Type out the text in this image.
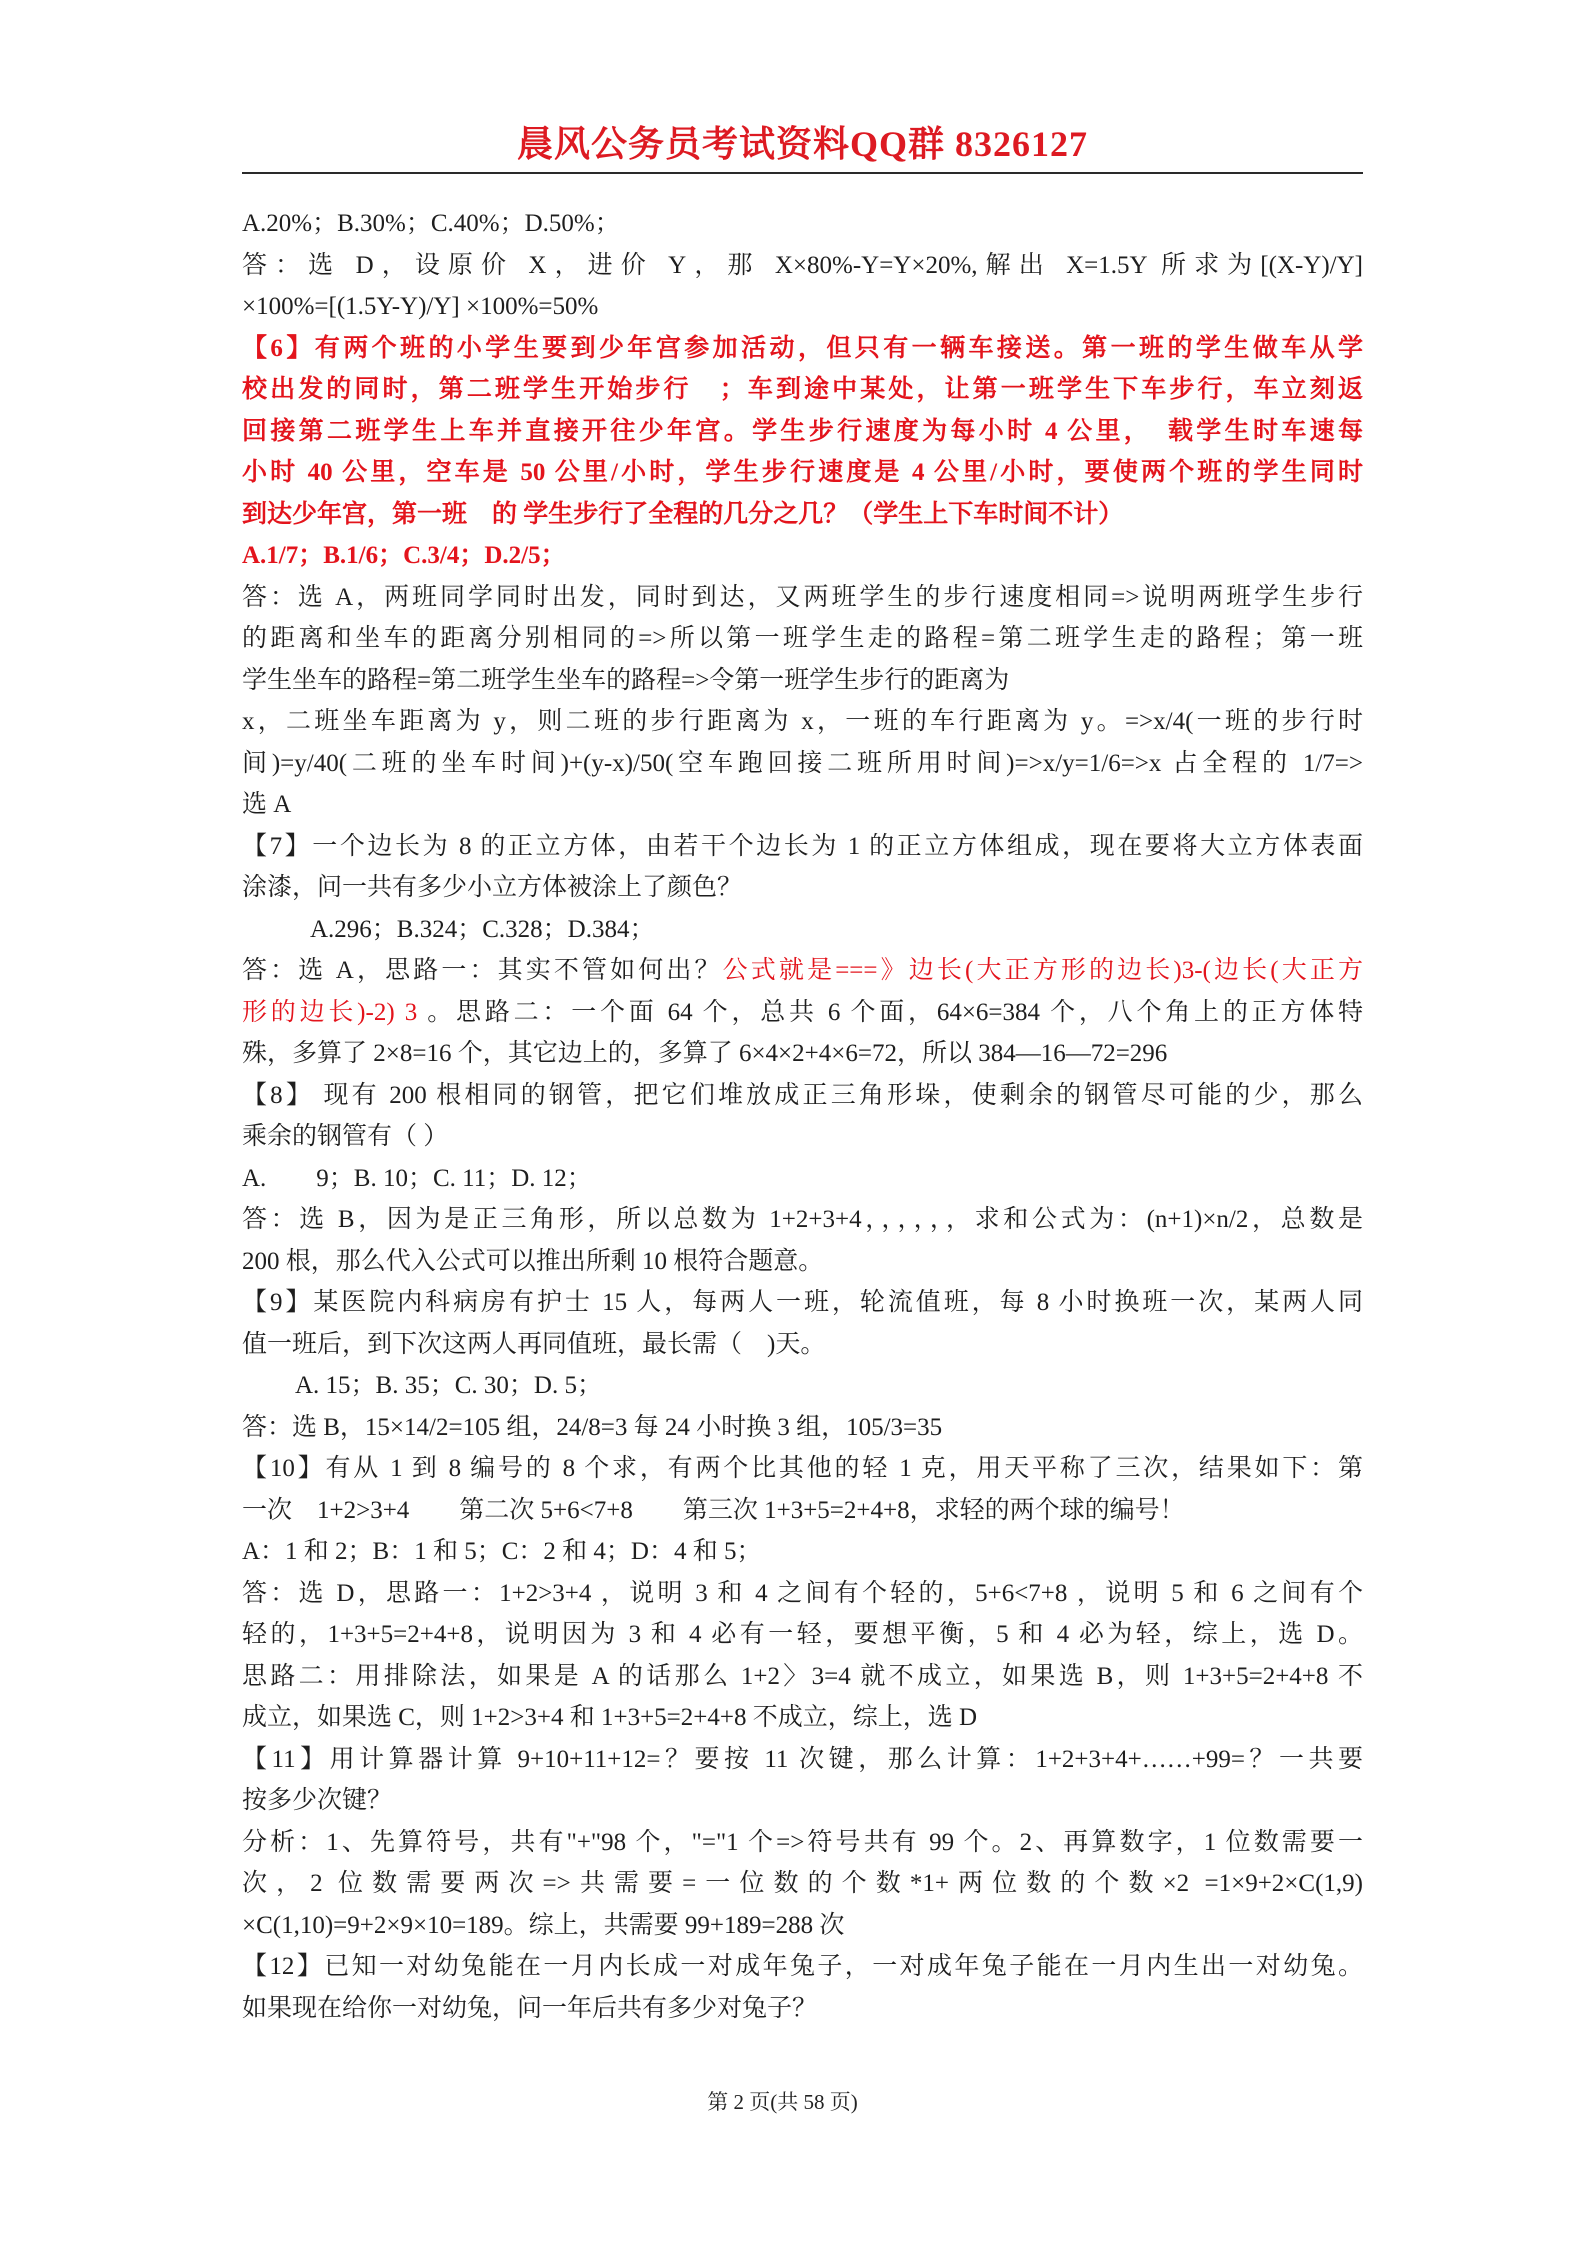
晨风公务员考试资料QQ群 8326127
A.20%；B.30%；C.40%；D.50%；
答：选 D，设原价 X，进价 Y，那 X×80%-Y=Y×20%,解出 X=1.5Y 所求为[(X-Y)/Y]
×100%=[(1.5Y-Y)/Y] ×100%=50%
【6】有两个班的小学生要到少年宫参加活动，但只有一辆车接送。第一班的学生做车从学
校出发的同时，第二班学生开始步行　；车到途中某处，让第一班学生下车步行，车立刻返
回接第二班学生上车并直接开往少年宫。学生步行速度为每小时 4 公里，　载学生时车速每
小时 40 公里，空车是 50 公里/小时，学生步行速度是 4 公里/小时，要使两个班的学生同时
到达少年宫，第一班　的 学生步行了全程的几分之几？（学生上下车时间不计）
A.1/7；B.1/6；C.3/4；D.2/5；
答：选 A，两班同学同时出发，同时到达，又两班学生的步行速度相同=>说明两班学生步行
的距离和坐车的距离分别相同的=>所以第一班学生走的路程=第二班学生走的路程；第一班
学生坐车的路程=第二班学生坐车的路程=>令第一班学生步行的距离为
x，二班坐车距离为 y，则二班的步行距离为 x，一班的车行距离为 y。=>x/4(一班的步行时
间)=y/40(二班的坐车时间)+(y-x)/50(空车跑回接二班所用时间)=>x/y=1/6=>x 占全程的 1/7=>
选 A
【7】一个边长为 8 的正立方体，由若干个边长为 1 的正立方体组成，现在要将大立方体表面
涂漆，问一共有多少小立方体被涂上了颜色？
A.296；B.324；C.328；D.384；
答：选 A，思路一：其实不管如何出？公式就是===》边长(大正方形的边长)3-(边长(大正方
形的边长)-2) 3 。思路二：一个面 64 个，总共 6 个面，64×6=384 个，八个角上的正方体特
殊，多算了 2×8=16 个，其它边上的，多算了 6×4×2+4×6=72，所以 384—16—72=296
【8】 现有 200 根相同的钢管，把它们堆放成正三角形垛，使剩余的钢管尽可能的少，那么
乘余的钢管有（ ）
A.　　9；B. 10；C. 11；D. 12；
答：选 B，因为是正三角形，所以总数为 1+2+3+4，，，，，，求和公式为：(n+1)×n/2，总数是
200 根，那么代入公式可以推出所剩 10 根符合题意。
【9】某医院内科病房有护士 15 人，每两人一班，轮流值班，每 8 小时换班一次，某两人同
值一班后，到下次这两人再同值班，最长需（　)天。
A. 15；B. 35；C. 30；D. 5；
答：选 B，15×14/2=105 组，24/8=3 每 24 小时换 3 组，105/3=35
【10】有从 1 到 8 编号的 8 个求，有两个比其他的轻 1 克，用天平称了三次，结果如下：第
一次　1+2>3+4　　第二次 5+6<7+8　　第三次 1+3+5=2+4+8，求轻的两个球的编号！
A：1 和 2；B：1 和 5；C：2 和 4；D：4 和 5；
答：选 D，思路一：1+2>3+4 ，说明 3 和 4 之间有个轻的，5+6<7+8 ，说明 5 和 6 之间有个
轻的，1+3+5=2+4+8，说明因为 3 和 4 必有一轻，要想平衡，5 和 4 必为轻，综上，选 D。
思路二：用排除法，如果是 A 的话那么 1+2〉3=4 就不成立，如果选 B，则 1+3+5=2+4+8 不
成立，如果选 C，则 1+2>3+4 和 1+3+5=2+4+8 不成立，综上，选 D
【11】用计算器计算 9+10+11+12=？要按 11 次键，那么计算：1+2+3+4+……+99=？一共要
按多少次键？
分析：1、先算符号，共有"+"98 个，"="1 个=>符号共有 99 个。2、再算数字，1 位数需要一
次，2 位数需要两次=>共需要=一位数的个数*1+两位数的个数×2 =1×9+2×C(1,9)
×C(1,10)=9+2×9×10=189。综上，共需要 99+189=288 次
【12】已知一对幼兔能在一月内长成一对成年兔子，一对成年兔子能在一月内生出一对幼兔。
如果现在给你一对幼兔，问一年后共有多少对兔子？
第 2 页(共 58 页)
